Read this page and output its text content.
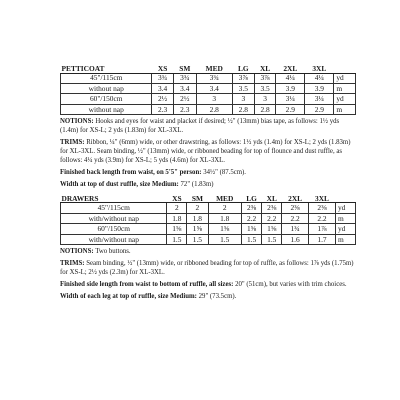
PETTICOAT	XS	SM	MED	LG	XL	2XL	3XL	
45"/115cm	3¾	3¾	3¾	3⅞	3⅞	4¼	4¼	yd
without nap	3.4	3.4	3.4	3.5	3.5	3.9	3.9	m
60"/150cm	2½	2½	3	3	3	3¼	3¼	yd
without nap	2.3	2.3	2.8	2.8	2.8	2.9	2.9	m

NOTIONS: Hooks and eyes for waist and placket if desired; ½" (13mm) bias tape, as follows: 1½ yds (1.4m) for XS-L; 2 yds (1.83m) for XL-3XL.

TRIMS: Ribbon, ¼" (6mm) wide, or other drawstring, as follows: 1½ yds (1.4m) for XS-L; 2 yds (1.83m) for XL-3XL. Seam binding, ½" (13mm) wide, or ribboned beading for top of flounce and dust ruffle, as follows: 4¼ yds (3.9m) for XS-L; 5 yds (4.6m) for XL-3XL.

Finished back length from waist, on 5'5" person: 34½" (87.5cm).

Width at top of dust ruffle, size Medium: 72" (1.83m)

DRAWERS	XS	SM	MED	LG	XL	2XL	3XL	
45"/115cm	2	2	2	2⅜	2⅜	2⅜	2⅜	yd
with/without nap	1.8	1.8	1.8	2.2	2.2	2.2	2.2	m
60"/150cm	1⅝	1⅝	1⅝	1⅝	1⅝	1¾	1⅞	yd
with/without nap	1.5	1.5	1.5	1.5	1.5	1.6	1.7	m

NOTIONS: Two buttons.

TRIMS: Seam binding, ½" (13mm) wide, or ribboned beading for top of ruffle, as follows: 1⅞ yds (1.75m) for XS-L; 2½ yds (2.3m) for XL-3XL.

Finished side length from waist to bottom of ruffle, all sizes: 20" (51cm), but varies with trim choices.

Width of each leg at top of ruffle, size Medium: 29" (73.5cm).
